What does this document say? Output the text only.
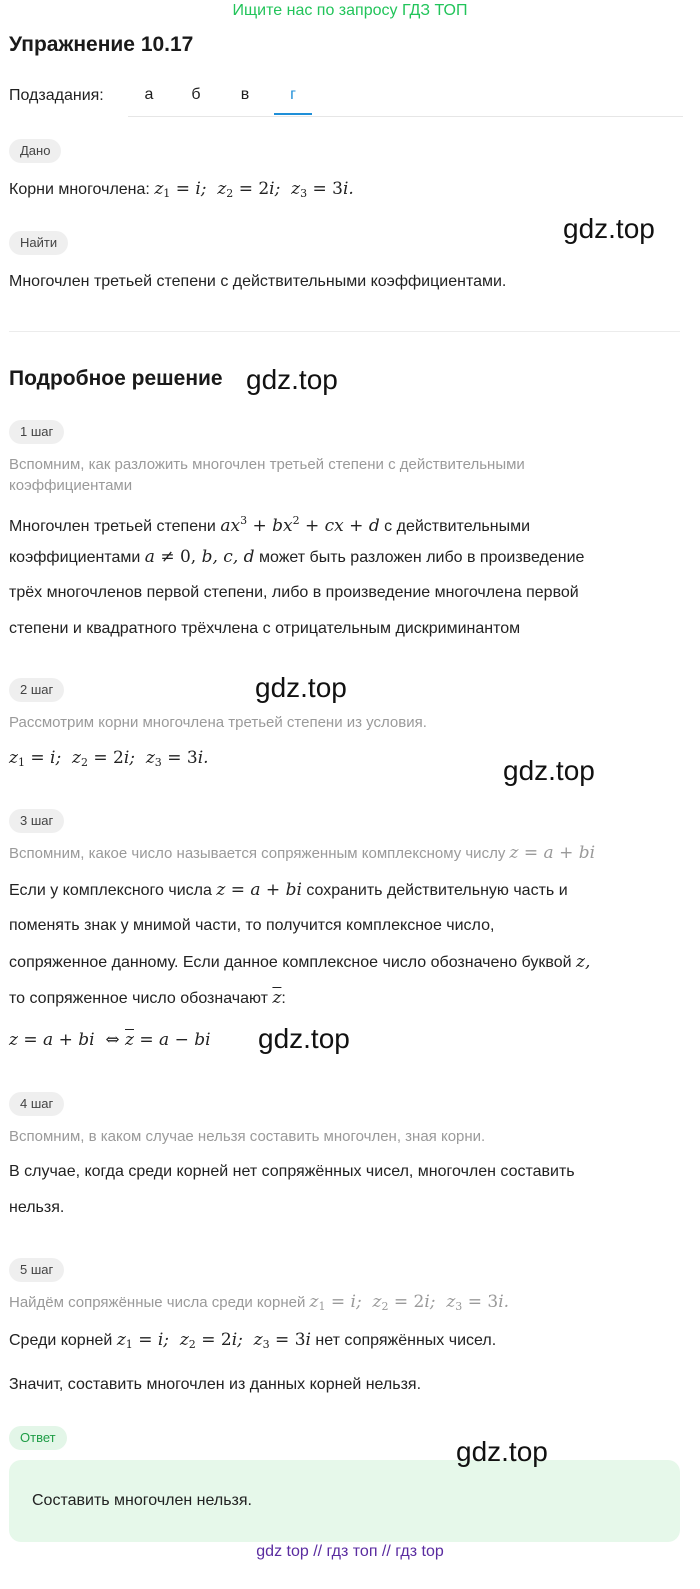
Ищите нас по запросу ГДЗ ТОП
Упражнение 10.17
Подзадания:	а	б	в	г
Дано
Корни многочлена: $z_1 = i$;  $z_2 = 2i$;  $z_3 = 3i$.
gdz.top
Найти
Многочлен третьей степени с действительными коэффициентами.
Подробное решение gdz.top
1 шаг
Вспомним, как разложить многочлен третьей степени с действительными коэффициентами
Многочлен третьей степени $ax^3 + bx^2$ + cx + d с действительными
коэффициентами a ≠ 0, b, c, d может быть разложен либо в произведение
трёх многочленов первой степени, либо в произведение многочлена первой
степени и квадратного трёхчлена с отрицательным дискриминантом
2 шаг	gdz.top
Рассмотрим корни многочлена третьей степени из условия.
$z_1 = i$;  $z_2 = 2i$;  $z_3 = 3i$.	gdz.top
3 шаг
Вспомним, какое число называется сопряженным комплексному числу z = a + bi
Если у комплексного числа z = a + bi сохранить действительную часть и
поменять знак у мнимой части, то получится комплексное число,
сопряженное данному. Если данное комплексное число обозначено буквой z,
то сопряженное число обозначают $\overline{z}$:
z = a + bi  ⇔ $\overline{z} = a$ − bi gdz.top
4 шаг
Вспомним, в каком случае нельзя составить многочлен, зная корни.
В случае, когда среди корней нет сопряжённых чисел, многочлен составить
нельзя.
5 шаг
Найдём сопряжённые числа среди корней $z_1 = i$;  $z_2 = 2i$;  $z_3 = 3i$.
Среди корней $z_1 = i$;  $z_2 = 2i$;  $z_3 = 3i$ нет сопряжённых чисел.
Значит, составить многочлен из данных корней нельзя.
Ответ	gdz.top
Составить многочлен нельзя.
gdz top // гдз топ // гдз top
